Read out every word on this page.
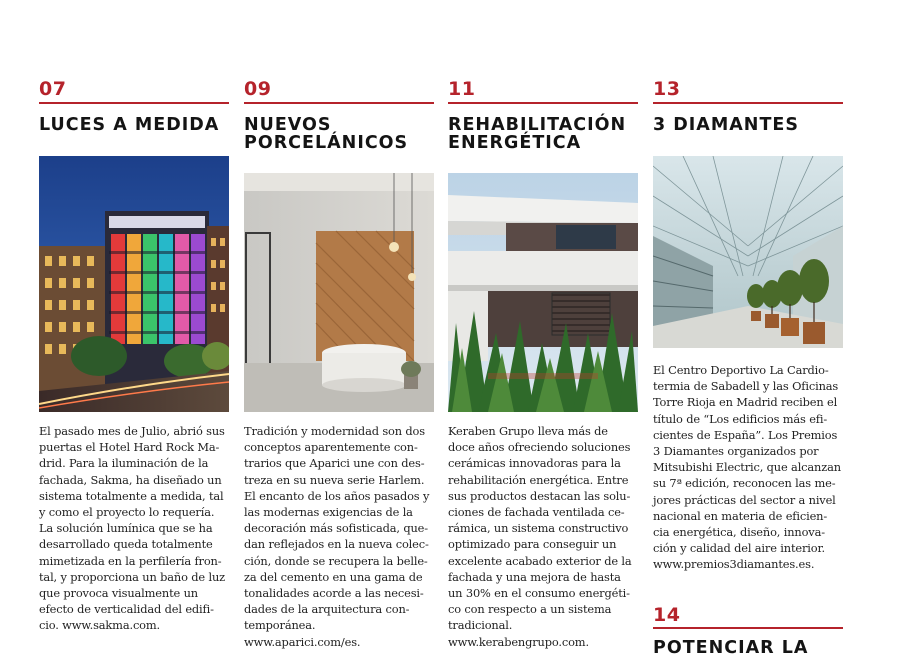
07
LUCES A MEDIDA
El pasado mes de Julio, abrió sus
puertas el Hotel Hard Rock Ma-
drid. Para la iluminación de la
fachada, Sakma, ha diseñado un
sistema totalmente a medida, tal
y como el proyecto lo requería.
La solución lumínica que se ha
desarrollado queda totalmente
mimetizada en la perfilería fron-
tal, y proporciona un baño de luz
que provoca visualmente un
efecto de verticalidad del edifi-
cio. www.sakma.com.
09
NUEVOS
PORCELÁNICOS
Tradición y modernidad son dos
conceptos aparentemente con-
trarios que Aparici une con des-
treza en su nueva serie Harlem.
El encanto de los años pasados y
las modernas exigencias de la
decoración más sofisticada, que-
dan reflejados en la nueva colec-
ción, donde se recupera la belle-
za del cemento en una gama de
tonalidades acorde a las necesi-
dades de la arquitectura con-
temporánea.
www.aparici.com/es.
11
REHABILITACIÓN
ENERGÉTICA
Keraben Grupo lleva más de
doce años ofreciendo soluciones
cerámicas innovadoras para la
rehabilitación energética. Entre
sus productos destacan las solu-
ciones de fachada ventilada ce-
rámica, un sistema constructivo
optimizado para conseguir un
excelente acabado exterior de la
fachada y una mejora de hasta
un 30% en el consumo energéti-
co con respecto a un sistema
tradicional.
www.kerabengrupo.com.
13
3 DIAMANTES
El Centro Deportivo La Cardio-
termia de Sabadell y las Oficinas
Torre Rioja en Madrid reciben el
título de “Los edificios más efi-
cientes de España”. Los Premios
3 Diamantes organizados por
Mitsubishi Electric, que alcanzan
su 7ª edición, reconocen las me-
jores prácticas del sector a nivel
nacional en materia de eficien-
cia energética, diseño, innova-
ción y calidad del aire interior.
www.premios3diamantes.es.
14
POTENCIAR LA
